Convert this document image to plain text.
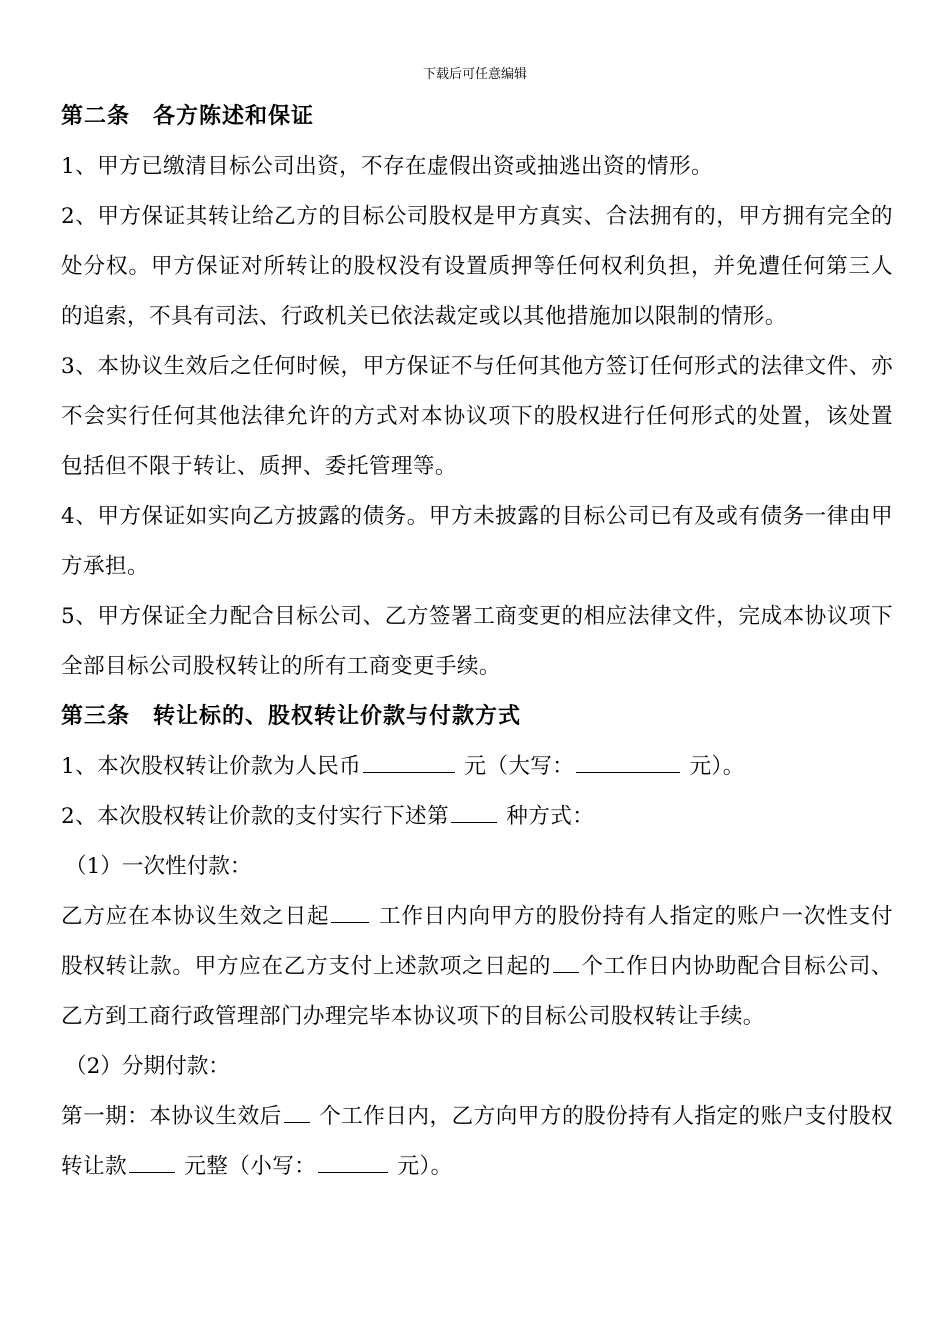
下载后可任意编辑
第二条　各方陈述和保证
1、甲方已缴清目标公司出资，不存在虚假出资或抽逃出资的情形。
2、甲方保证其转让给乙方的目标公司股权是甲方真实、合法拥有的，甲方拥有完全的处分权。甲方保证对所转让的股权没有设置质押等任何权利负担，并免遭任何第三人的追索，不具有司法、行政机关已依法裁定或以其他措施加以限制的情形。
3、本协议生效后之任何时候，甲方保证不与任何其他方签订任何形式的法律文件、亦不会实行任何其他法律允许的方式对本协议项下的股权进行任何形式的处置，该处置包括但不限于转让、质押、委托管理等。
4、甲方保证如实向乙方披露的债务。甲方未披露的目标公司已有及或有债务一律由甲方承担。
5、甲方保证全力配合目标公司、乙方签署工商变更的相应法律文件，完成本协议项下全部目标公司股权转让的所有工商变更手续。
第三条　转让标的、股权转让价款与付款方式
1、本次股权转让价款为人民币	元（大写：	元）。
2、本次股权转让价款的支付实行下述第 种方式：
（1）一次性付款：
乙方应在本协议生效之日起 工作日内向甲方的股份持有人指定的账户一次性支付股权转让款。甲方应在乙方支付上述款项之日起的 个工作日内协助配合目标公司、乙方到工商行政管理部门办理完毕本协议项下的目标公司股权转让手续。
（2）分期付款：
第一期：本协议生效后 个工作日内，乙方向甲方的股份持有人指定的账户支付股权转让款 元整（小写：	元）。
